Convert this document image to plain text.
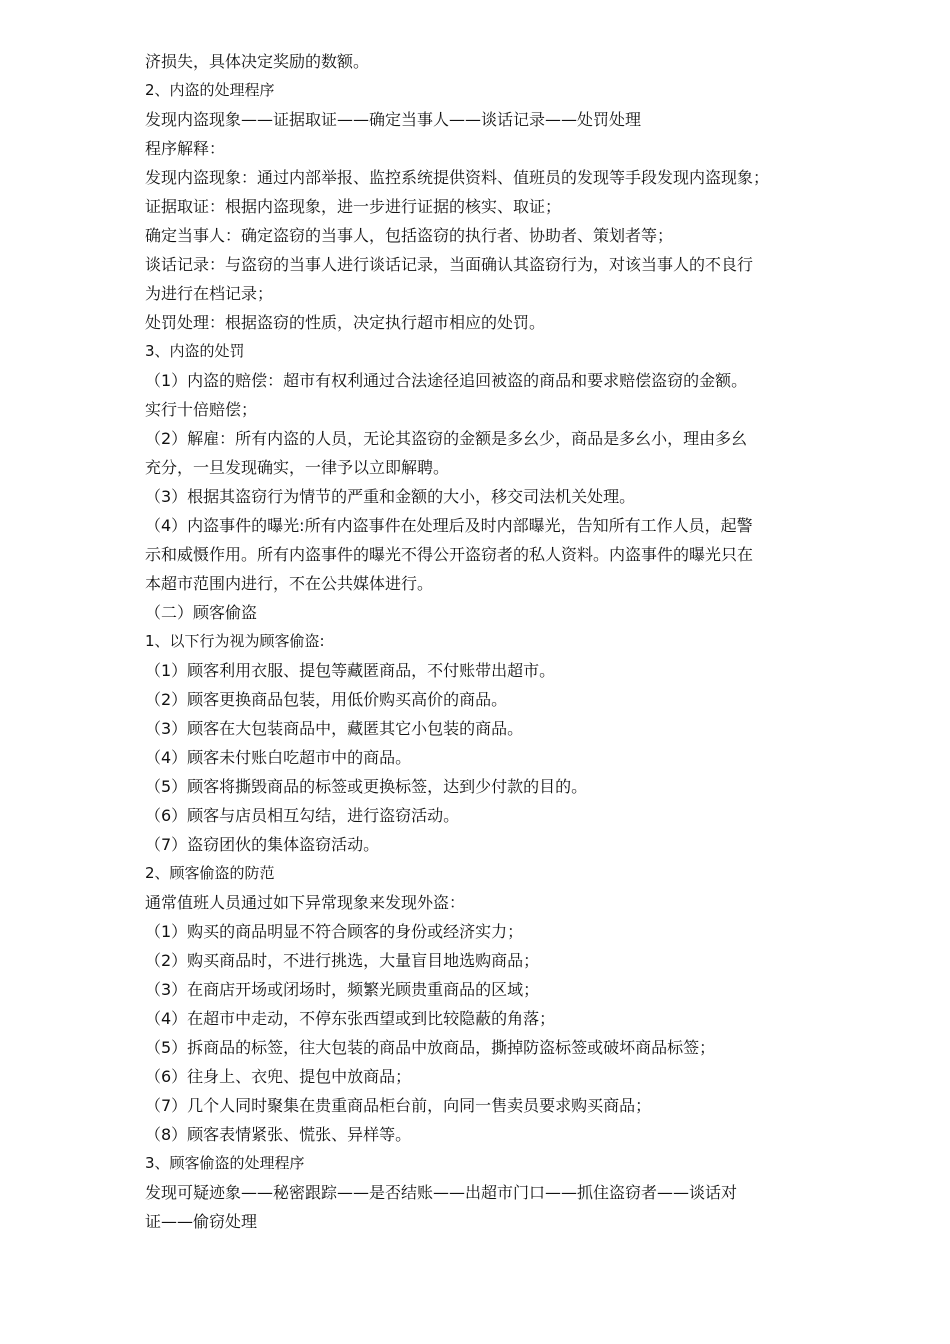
济损失，具体决定奖励的数额。
2、内盗的处理程序
发现内盗现象——证据取证——确定当事人——谈话记录——处罚处理
程序解释：
发现内盗现象：通过内部举报、监控系统提供资料、值班员的发现等手段发现内盗现象；
证据取证：根据内盗现象，进一步进行证据的核实、取证；
确定当事人：确定盗窃的当事人，包括盗窃的执行者、协助者、策划者等；
谈话记录：与盗窃的当事人进行谈话记录，当面确认其盗窃行为，对该当事人的不良行
为进行在档记录；
处罚处理：根据盗窃的性质，决定执行超市相应的处罚。
3、内盗的处罚
（1）内盗的赔偿：超市有权利通过合法途径追回被盗的商品和要求赔偿盗窃的金额。
实行十倍赔偿；
（2）解雇：所有内盗的人员，无论其盗窃的金额是多幺少，商品是多幺小，理由多幺
充分，一旦发现确实，一律予以立即解聘。
（3）根据其盗窃行为情节的严重和金额的大小，移交司法机关处理。
（4）内盗事件的曝光:所有内盗事件在处理后及时内部曝光，告知所有工作人员，起警
示和威慑作用。所有内盗事件的曝光不得公开盗窃者的私人资料。内盗事件的曝光只在
本超市范围内进行，不在公共媒体进行。
（二）顾客偷盗
1、以下行为视为顾客偷盗:
（1）顾客利用衣服、提包等藏匿商品，不付账带出超市。
（2）顾客更换商品包装，用低价购买高价的商品。
（3）顾客在大包装商品中，藏匿其它小包装的商品。
（4）顾客未付账白吃超市中的商品。
（5）顾客将撕毁商品的标签或更换标签，达到少付款的目的。
（6）顾客与店员相互勾结，进行盗窃活动。
（7）盗窃团伙的集体盗窃活动。
2、顾客偷盗的防范
通常值班人员通过如下异常现象来发现外盗：
（1）购买的商品明显不符合顾客的身份或经济实力；
（2）购买商品时，不进行挑选，大量盲目地选购商品；
（3）在商店开场或闭场时，频繁光顾贵重商品的区域；
（4）在超市中走动，不停东张西望或到比较隐蔽的角落；
（5）拆商品的标签，往大包装的商品中放商品，撕掉防盗标签或破坏商品标签；
（6）往身上、衣兜、提包中放商品；
（7）几个人同时聚集在贵重商品柜台前，向同一售卖员要求购买商品；
（8）顾客表情紧张、慌张、异样等。
3、顾客偷盗的处理程序
发现可疑迹象——秘密跟踪——是否结账——出超市门口——抓住盗窃者——谈话对
证——偷窃处理
